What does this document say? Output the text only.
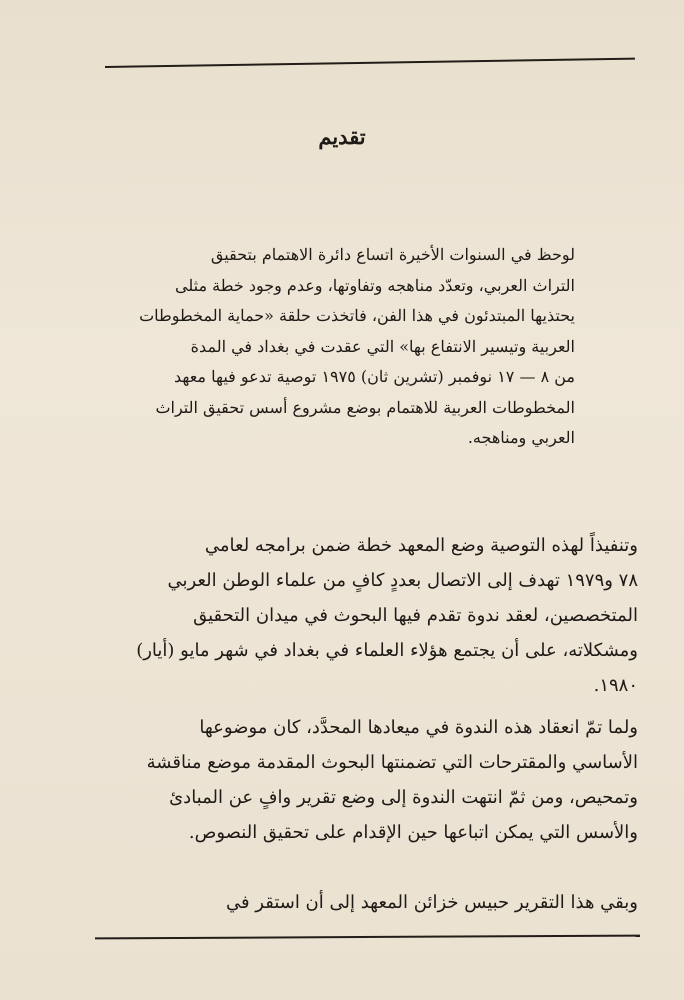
تقديم
لوحظ في السنوات الأخيرة اتساع دائرة الاهتمام بتحقيق
التراث العربي، وتعدّد مناهجه وتفاوتها، وعدم وجود خطة مثلى
يحتذيها المبتدئون في هذا الفن، فاتخذت حلقة «حماية المخطوطات
العربية وتيسير الانتفاع بها» التي عقدت في بغداد في المدة
من ٨ — ١٧ نوفمبر (تشرين ثان) ١٩٧٥ توصية تدعو فيها معهد
المخطوطات العربية للاهتمام بوضع مشروع أسس تحقيق التراث
العربي ومناهجه.
وتنفيذاً لهذه التوصية وضع المعهد خطة ضمن برامجه لعامي
٧٨ و١٩٧٩ تهدف إلى الاتصال بعددٍ كافٍ من علماء الوطن العربي
المتخصصين، لعقد ندوة تقدم فيها البحوث في ميدان التحقيق
ومشكلاته، على أن يجتمع هؤلاء العلماء في بغداد في شهر مايو (أيار)
١٩٨٠.
ولما تمّ انعقاد هذه الندوة في ميعادها المحدَّد، كان موضوعها
الأساسي والمقترحات التي تضمنتها البحوث المقدمة موضع مناقشة
وتمحيص، ومن ثمّ انتهت الندوة إلى وضع تقرير وافٍ عن المبادئ
والأسس التي يمكن اتباعها حين الإقدام على تحقيق النصوص.
وبقي هذا التقرير حبيس خزائن المعهد إلى أن استقر في
